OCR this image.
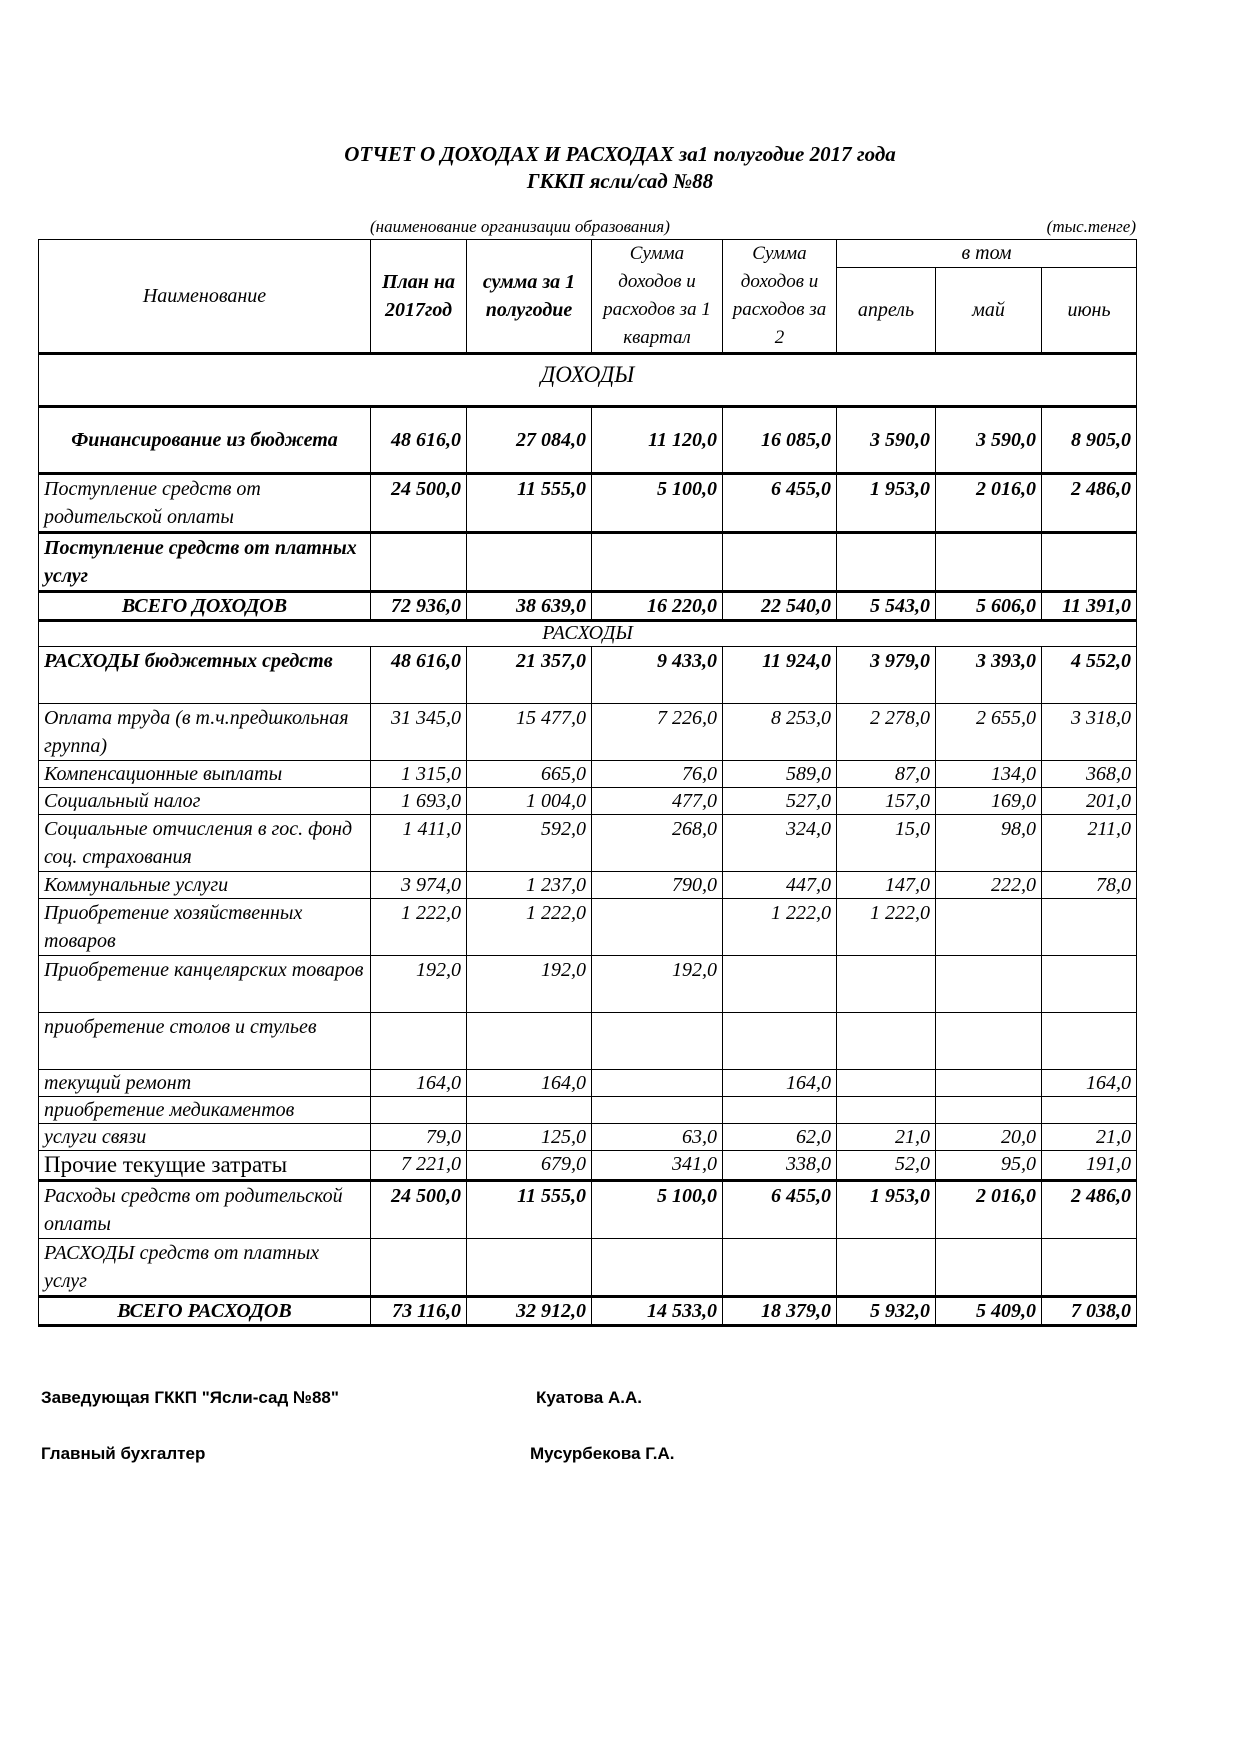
ОТЧЕТ О ДОХОДАХ И РАСХОДАХ за1 полугодие 2017 года
ГККП ясли/сад №88
(наименование организации образования)	(тыс.тенге)
Наименование	План на 2017год	сумма за 1 полугодие	Сумма доходов и расходов за 1 квартал	Сумма доходов и расходов за 2	в том		
					апрель	май	июнь
ДОХОДЫ							
Финансирование из бюджета	48 616,0	27 084,0	11 120,0	16 085,0	3 590,0	3 590,0	8 905,0
Поступление средств от родительской оплаты	24 500,0	11 555,0	5 100,0	6 455,0	1 953,0	2 016,0	2 486,0
Поступление средств от платных услуг							
ВСЕГО ДОХОДОВ	72 936,0	38 639,0	16 220,0	22 540,0	5 543,0	5 606,0	11 391,0
РАСХОДЫ							
РАСХОДЫ бюджетных средств	48 616,0	21 357,0	9 433,0	11 924,0	3 979,0	3 393,0	4 552,0
Оплата труда (в т.ч.предшкольная группа)	31 345,0	15 477,0	7 226,0	8 253,0	2 278,0	2 655,0	3 318,0
Компенсационные выплаты	1 315,0	665,0	76,0	589,0	87,0	134,0	368,0
Социальный налог	1 693,0	1 004,0	477,0	527,0	157,0	169,0	201,0
Социальные отчисления в гос. фонд соц. страхования	1 411,0	592,0	268,0	324,0	15,0	98,0	211,0
Коммунальные услуги	3 974,0	1 237,0	790,0	447,0	147,0	222,0	78,0
Приобретение хозяйственных товаров	1 222,0	1 222,0		1 222,0	1 222,0		
Приобретение канцелярских товаров	192,0	192,0	192,0				
приобретение столов и стульев							
текущий ремонт	164,0	164,0		164,0			164,0
приобретение медикаментов							
услуги связи	79,0	125,0	63,0	62,0	21,0	20,0	21,0
Прочие текущие затраты	7 221,0	679,0	341,0	338,0	52,0	95,0	191,0
Расходы средств от родительской оплаты	24 500,0	11 555,0	5 100,0	6 455,0	1 953,0	2 016,0	2 486,0
РАСХОДЫ средств от платных услуг							
ВСЕГО РАСХОДОВ	73 116,0	32 912,0	14 533,0	18 379,0	5 932,0	5 409,0	7 038,0
Заведующая ГККП "Ясли-сад №88"	Куатова А.А.
Главный бухгалтер	Мусурбекова Г.А.
